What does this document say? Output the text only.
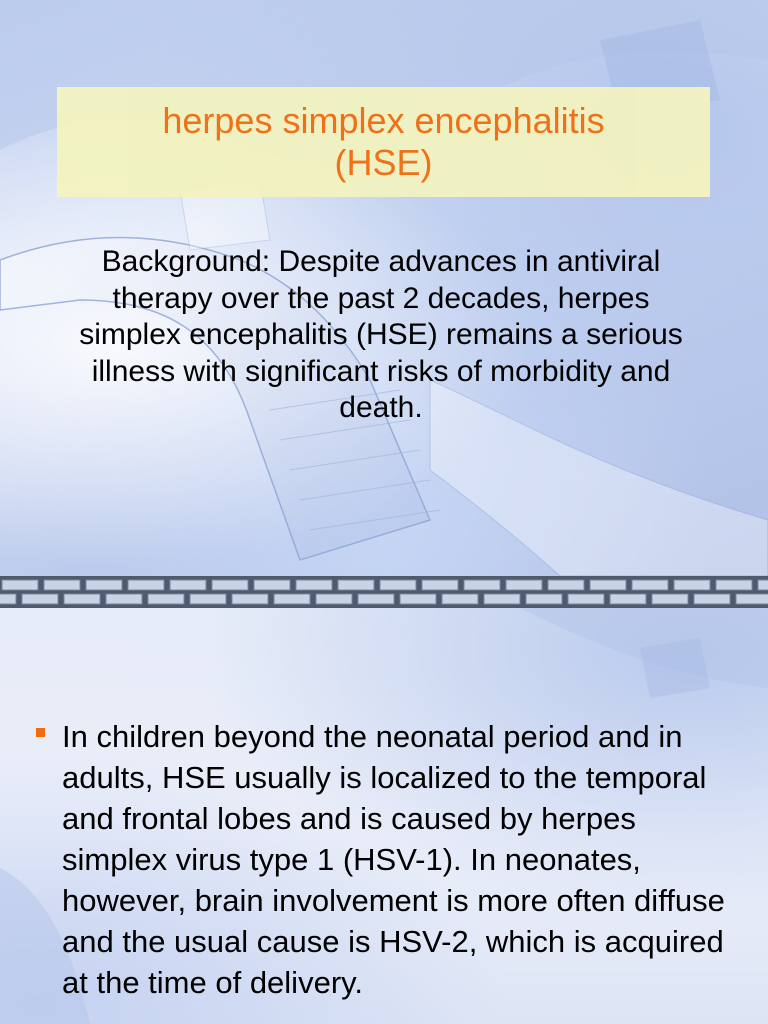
herpes simplex encephalitis
(HSE)
Background: Despite advances in antiviral therapy over the past 2 decades, herpes simplex encephalitis (HSE) remains a serious illness with significant risks of morbidity and death.
In children beyond the neonatal period and in adults, HSE usually is localized to the temporal and frontal lobes and is caused by herpes simplex virus type 1 (HSV-1). In neonates, however, brain involvement is more often diffuse and the usual cause is HSV-2, which is acquired at the time of delivery.
